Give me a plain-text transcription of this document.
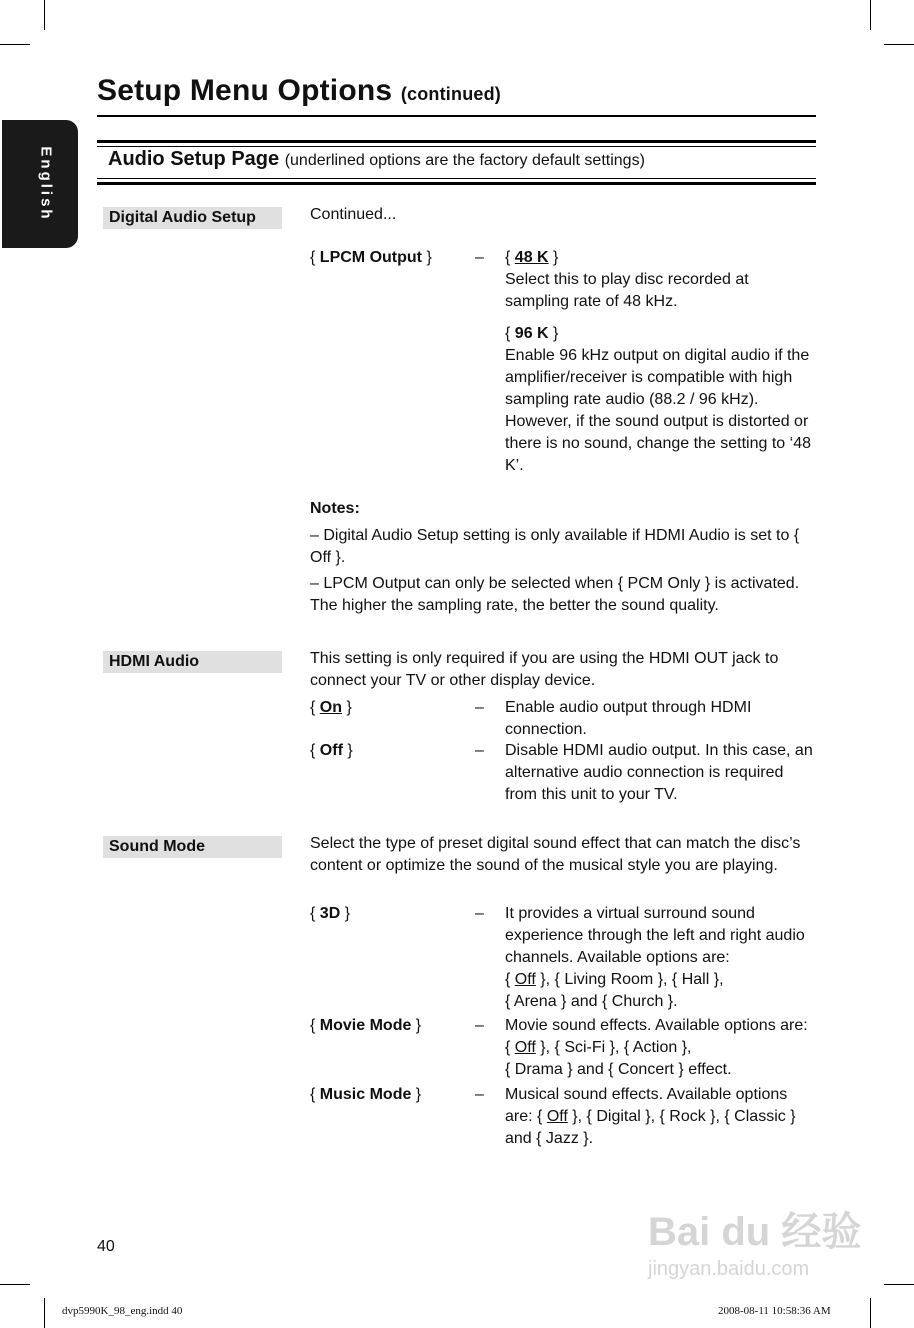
English
Setup Menu Options (continued)
Audio Setup Page (underlined options are the factory default settings)
Digital Audio Setup	Continued...
{ LPCM Output }	– { 48 K }
Select this to play disc recorded at sampling rate of 48 kHz.
{ 96 K }
Enable 96 kHz output on digital audio if the amplifier/receiver is compatible with high sampling rate audio (88.2 / 96 kHz). However, if the sound output is distorted or there is no sound, change the setting to ‘48 K’.
Notes:
– Digital Audio Setup setting is only available if HDMI Audio is set to { Off }.
– LPCM Output can only be selected when { PCM Only } is activated. The higher the sampling rate, the better the sound quality.
HDMI Audio	This setting is only required if you are using the HDMI OUT jack to connect your TV or other display device.
{ On }	– Enable audio output through HDMI connection.
{ Off }	– Disable HDMI audio output. In this case, an alternative audio connection is required from this unit to your TV.
Sound Mode	Select the type of preset digital sound effect that can match the disc’s content or optimize the sound of the musical style you are playing.
{ 3D }	– It provides a virtual surround sound experience through the left and right audio channels. Available options are:
{ Off }, { Living Room }, { Hall },
{ Arena } and { Church }.
{ Movie Mode }	– Movie sound effects. Available options are: { Off }, { Sci-Fi }, { Action },
{ Drama } and { Concert } effect.
{ Music Mode }	– Musical sound effects. Available options are: { Off }, { Digital }, { Rock }, { Classic } and { Jazz }.
40	Bai du 经验
jingyan.baidu.com
dvp5990K_98_eng.indd 40	2008-08-11 10:58:36 AM
